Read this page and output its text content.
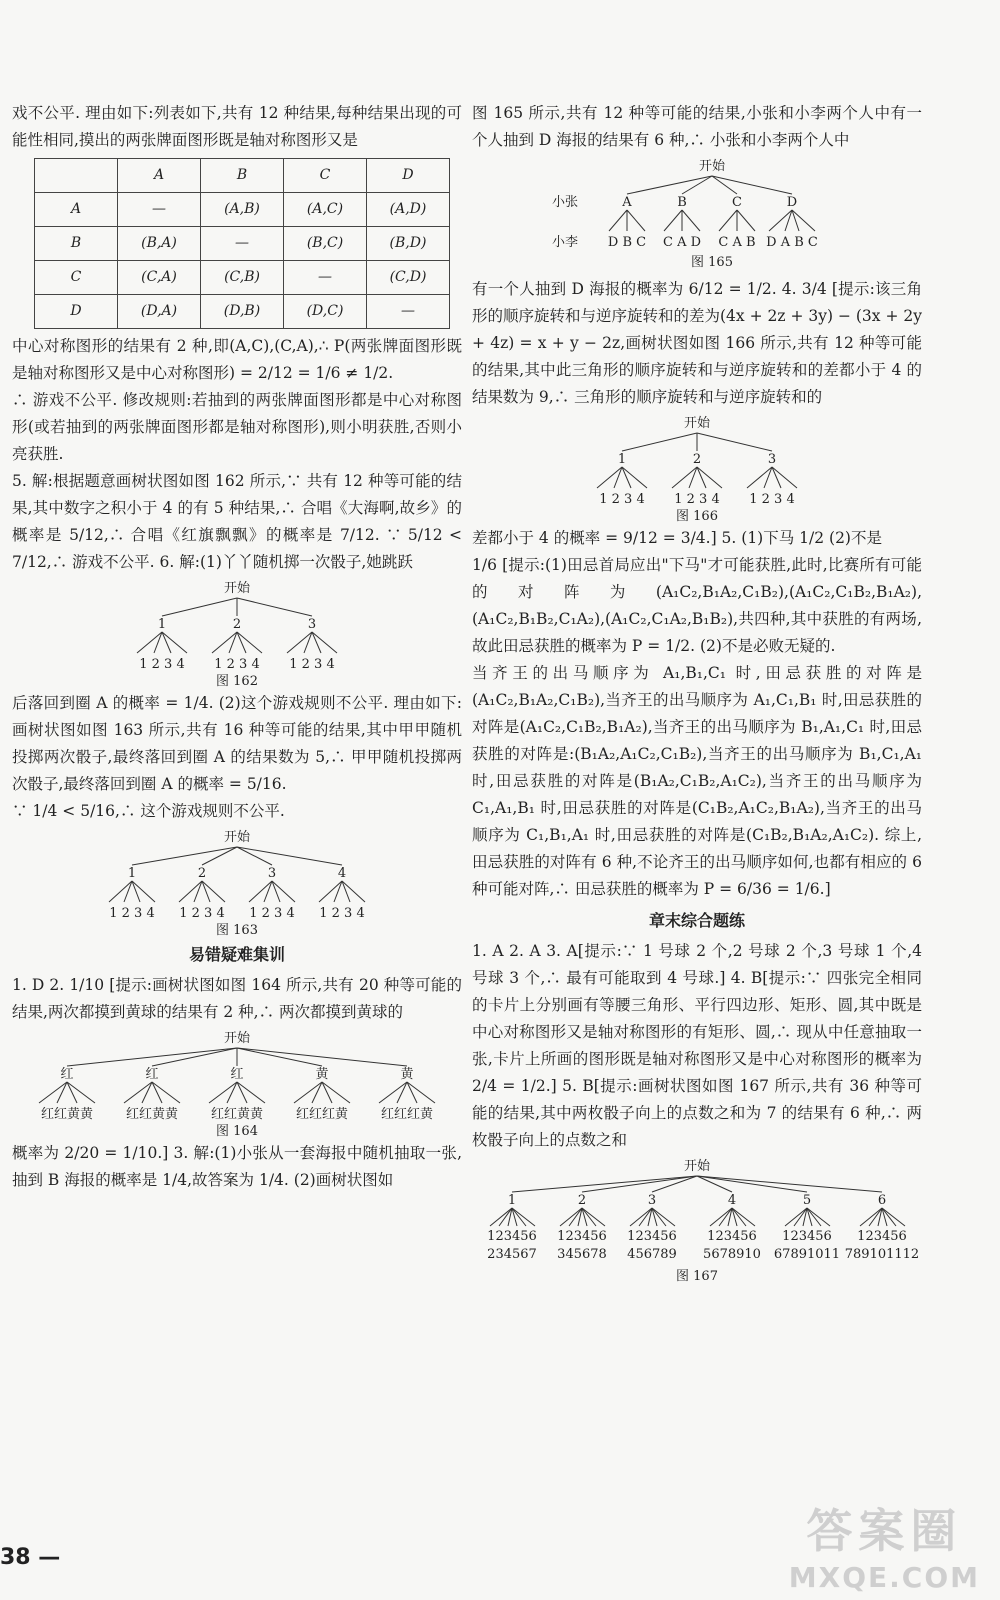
戏不公平. 理由如下:列表如下,共有 12 种结果,每种结果出现的可能性相同,摸出的两张牌面图形既是轴对称图形又是

	A	B	C	D
A	—	(A,B)	(A,C)	(A,D)
B	(B,A)	—	(B,C)	(B,D)
C	(C,A)	(C,B)	—	(C,D)
D	(D,A)	(D,B)	(D,C)	—

中心对称图形的结果有 2 种,即(A,C),(C,A),∴ P(两张牌面图形既是轴对称图形又是中心对称图形) = 2/12 = 1/6 ≠ 1/2.

∴ 游戏不公平. 修改规则:若抽到的两张牌面图形都是中心对称图形(或若抽到的两张牌面图形都是轴对称图形),则小明获胜,否则小亮获胜.

5. 解:根据题意画树状图如图 162 所示,∵ 共有 12 种等可能的结果,其中数字之积小于 4 的有 5 种结果,∴ 合唱《大海啊,故乡》的概率是 5/12,∴ 合唱《红旗飘飘》的概率是 7/12. ∵ 5/12 < 7/12,∴ 游戏不公平. 6. 解:(1)丫丫随机掷一次骰子,她跳跃

开始
1	2	3
1 2 3 4 1 2 3 4 1 2 3 4
图 162

后落回到圈 A 的概率 = 1/4. (2)这个游戏规则不公平. 理由如下:画树状图如图 163 所示,共有 16 种等可能的结果,其中甲甲随机投掷两次骰子,最终落回到圈 A 的结果数为 5,∴ 甲甲随机投掷两次骰子,最终落回到圈 A 的概率 = 5/16.

∵ 1/4 < 5/16,∴ 这个游戏规则不公平.

开始
1	2	3	4
1 2 3 4 1 2 3 4 1 2 3 4 1 2 3 4
图 163
易错疑难集训

1. D 2. 1/10 [提示:画树状图如图 164 所示,共有 20 种等可能的结果,两次都摸到黄球的结果有 2 种,∴ 两次都摸到黄球的

开始
红	红	红	黄	黄
红红黄黄	红红黄黄	红红黄黄	红红红黄	红红红黄
图 164

概率为 2/20 = 1/10.] 3. 解:(1)小张从一套海报中随机抽取一张,抽到 B 海报的概率是 1/4,故答案为 1/4. (2)画树状图如

图 165 所示,共有 12 种等可能的结果,小张和小李两个人中有一个人抽到 D 海报的结果有 6 种,∴ 小张和小李两个人中

开始
小张
小李
A	B	C	D
D B C C A D C A B D A B C
图 165

有一个人抽到 D 海报的概率为 6/12 = 1/2. 4. 3/4 [提示:该三角形的顺序旋转和与逆序旋转和的差为(4x + 2z + 3y) − (3x + 2y + 4z) = x + y − 2z,画树状图如图 166 所示,共有 12 种等可能的结果,其中此三角形的顺序旋转和与逆序旋转和的差都小于 4 的结果数为 9,∴ 三角形的顺序旋转和与逆序旋转和的

开始
1	2	3
1 2 3 4 1 2 3 4 1 2 3 4
图 166

差都小于 4 的概率 = 9/12 = 3/4.] 5. (1)下马 1/2 (2)不是

1/6 [提示:(1)田忌首局应出"下马"才可能获胜,此时,比赛所有可能的对阵为(A₁C₂,B₁A₂,C₁B₂),(A₁C₂,C₁B₂,B₁A₂),(A₁C₂,B₁B₂,C₁A₂),(A₁C₂,C₁A₂,B₁B₂),共四种,其中获胜的有两场,故此田忌获胜的概率为 P = 1/2. (2)不是必败无疑的.

当齐王的出马顺序为 A₁,B₁,C₁ 时,田忌获胜的对阵是(A₁C₂,B₁A₂,C₁B₂),当齐王的出马顺序为 A₁,C₁,B₁ 时,田忌获胜的对阵是(A₁C₂,C₁B₂,B₁A₂),当齐王的出马顺序为 B₁,A₁,C₁ 时,田忌获胜的对阵是:(B₁A₂,A₁C₂,C₁B₂),当齐王的出马顺序为 B₁,C₁,A₁ 时,田忌获胜的对阵是(B₁A₂,C₁B₂,A₁C₂),当齐王的出马顺序为 C₁,A₁,B₁ 时,田忌获胜的对阵是(C₁B₂,A₁C₂,B₁A₂),当齐王的出马顺序为 C₁,B₁,A₁ 时,田忌获胜的对阵是(C₁B₂,B₁A₂,A₁C₂). 综上,田忌获胜的对阵有 6 种,不论齐王的出马顺序如何,也都有相应的 6 种可能对阵,∴ 田忌获胜的概率为 P = 6/36 = 1/6.]

章末综合题练

1. A 2. A 3. A[提示:∵ 1 号球 2 个,2 号球 2 个,3 号球 1 个,4 号球 3 个,∴ 最有可能取到 4 号球.] 4. B[提示:∵ 四张完全相同的卡片上分别画有等腰三角形、平行四边形、矩形、圆,其中既是中心对称图形又是轴对称图形的有矩形、圆,∴ 现从中任意抽取一张,卡片上所画的图形既是轴对称图形又是中心对称图形的概率为 2/4 = 1/2.] 5. B[提示:画树状图如图 167 所示,共有 36 种等可能的结果,其中两枚骰子向上的点数之和为 7 的结果有 6 种,∴ 两枚骰子向上的点数之和

开始
1	2	3	4	5	6
123456 123456 123456 123456 123456 123456
234567 345678 456789 5678910 67891011 789101112
图 167
38 —	答案圈
MXQE.COM
